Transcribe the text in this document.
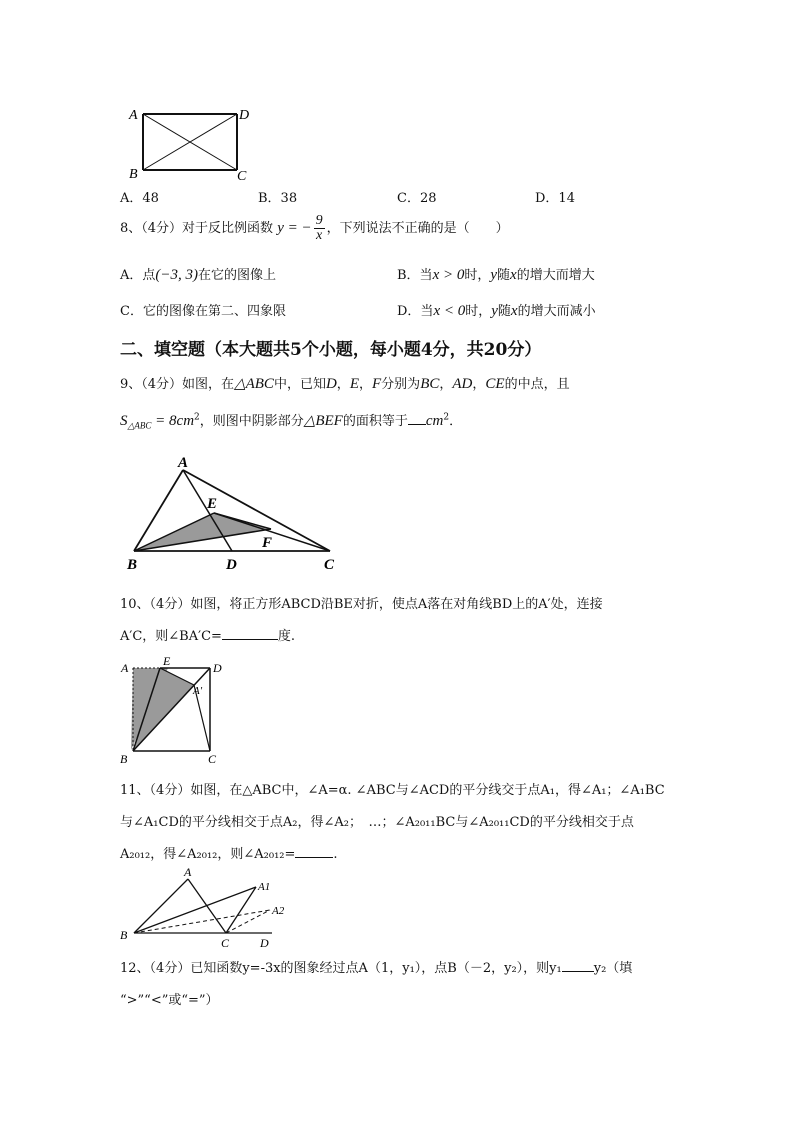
A	D
B	C
A．48	B．38	C．28	D．14
8、（4分）对于反比例函数 y = − $\frac{9}{x}$ ，下列说法不正确的是（　　）
A．点(−3, 3)在它的图像上	B．当x > 0时，y随x的增大而增大
C．它的图像在第二、四象限	D．当x < 0时，y随x的增大而减小
二、填空题（本大题共5个小题，每小题4分，共20分）
9、（4分）如图，在△ABC中，已知D，E，F分别为BC，AD，CE的中点，且
$S_{\triangle ABC} = 8cm^2$，则图中阴影部分△BEF的面积等于 $cm^2$．
A
E
F
B	D	C
10、（4分）如图，将正方形ABCD沿BE对折，使点A落在对角线BD上的A′处，连接
A′C，则∠BA′C=	度.
A	E	D
A′
B	C
11、（4分）如图，在△ABC中，∠A=α. ∠ABC与∠ACD的平分线交于点A₁，得∠A₁；∠A₁BC
与∠A₁CD的平分线相交于点A₂，得∠A₂；　…；∠A₂₀₁₁BC与∠A₂₀₁₁CD的平分线相交于点
A₂₀₁₂，得∠A₂₀₁₂，则∠A₂₀₁₂=	.
A
A1
A2
B
C	D
12、（4分）已知函数y=-3x的图象经过点A（1，y₁），点B（－2，y₂），则y₁ y₂（填
“>”“<”或“=”）
